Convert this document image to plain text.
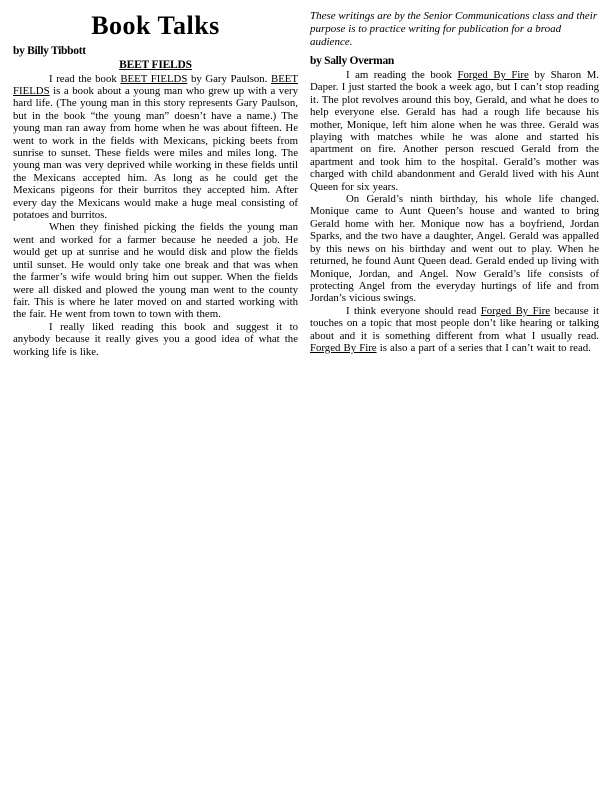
Book Talks
by Billy Tibbott
BEET FIELDS

I read the book BEET FIELDS by Gary Paulson. BEET FIELDS is a book about a young man who grew up with a very hard life. (The young man in this story represents Gary Paulson, but in the book “the young man” doesn’t have a name.) The young man ran away from home when he was about fifteen. He went to work in the fields with Mexicans, picking beets from sunrise to sunset. These fields were miles and miles long. The young man was very deprived while working in these fields until the Mexicans accepted him. As long as he could get the Mexicans pigeons for their burritos they accepted him. After every day the Mexicans would make a huge meal consisting of potatoes and burritos.

When they finished picking the fields the young man went and worked for a farmer because he needed a job. He would get up at sunrise and he would disk and plow the fields until sunset. He would only take one break and that was when the farmer’s wife would bring him out supper. When the fields were all disked and plowed the young man went to the county fair. This is where he later moved on and started working with the fair. He went from town to town with them.

I really liked reading this book and suggest it to anybody because it really gives you a good idea of what the working life is like.

These writings are by the Senior Communications class and their purpose is to practice writing for publication for a broad audience.
by Sally Overman

I am reading the book Forged By Fire by Sharon M. Daper. I just started the book a week ago, but I can’t stop reading it. The plot revolves around this boy, Gerald, and what he does to help everyone else. Gerald has had a rough life because his mother, Monique, left him alone when he was three. Gerald was playing with matches while he was alone and started his apartment on fire. Another person rescued Gerald from the apartment and took him to the hospital. Gerald’s mother was charged with child abandonment and Gerald lived with his Aunt Queen for six years.

On Gerald’s ninth birthday, his whole life changed. Monique came to Aunt Queen’s house and wanted to bring Gerald home with her. Monique now has a boyfriend, Jordan Sparks, and the two have a daughter, Angel. Gerald was appalled by this news on his birthday and went out to play. When he returned, he found Aunt Queen dead. Gerald ended up living with Monique, Jordan, and Angel. Now Gerald’s life consists of protecting Angel from the everyday hurtings of life and from Jordan’s vicious swings.

I think everyone should read Forged By Fire because it touches on a topic that most people don’t like hearing or talking about and it is something different from what I usually read. Forged By Fire is also a part of a series that I can’t wait to read.
